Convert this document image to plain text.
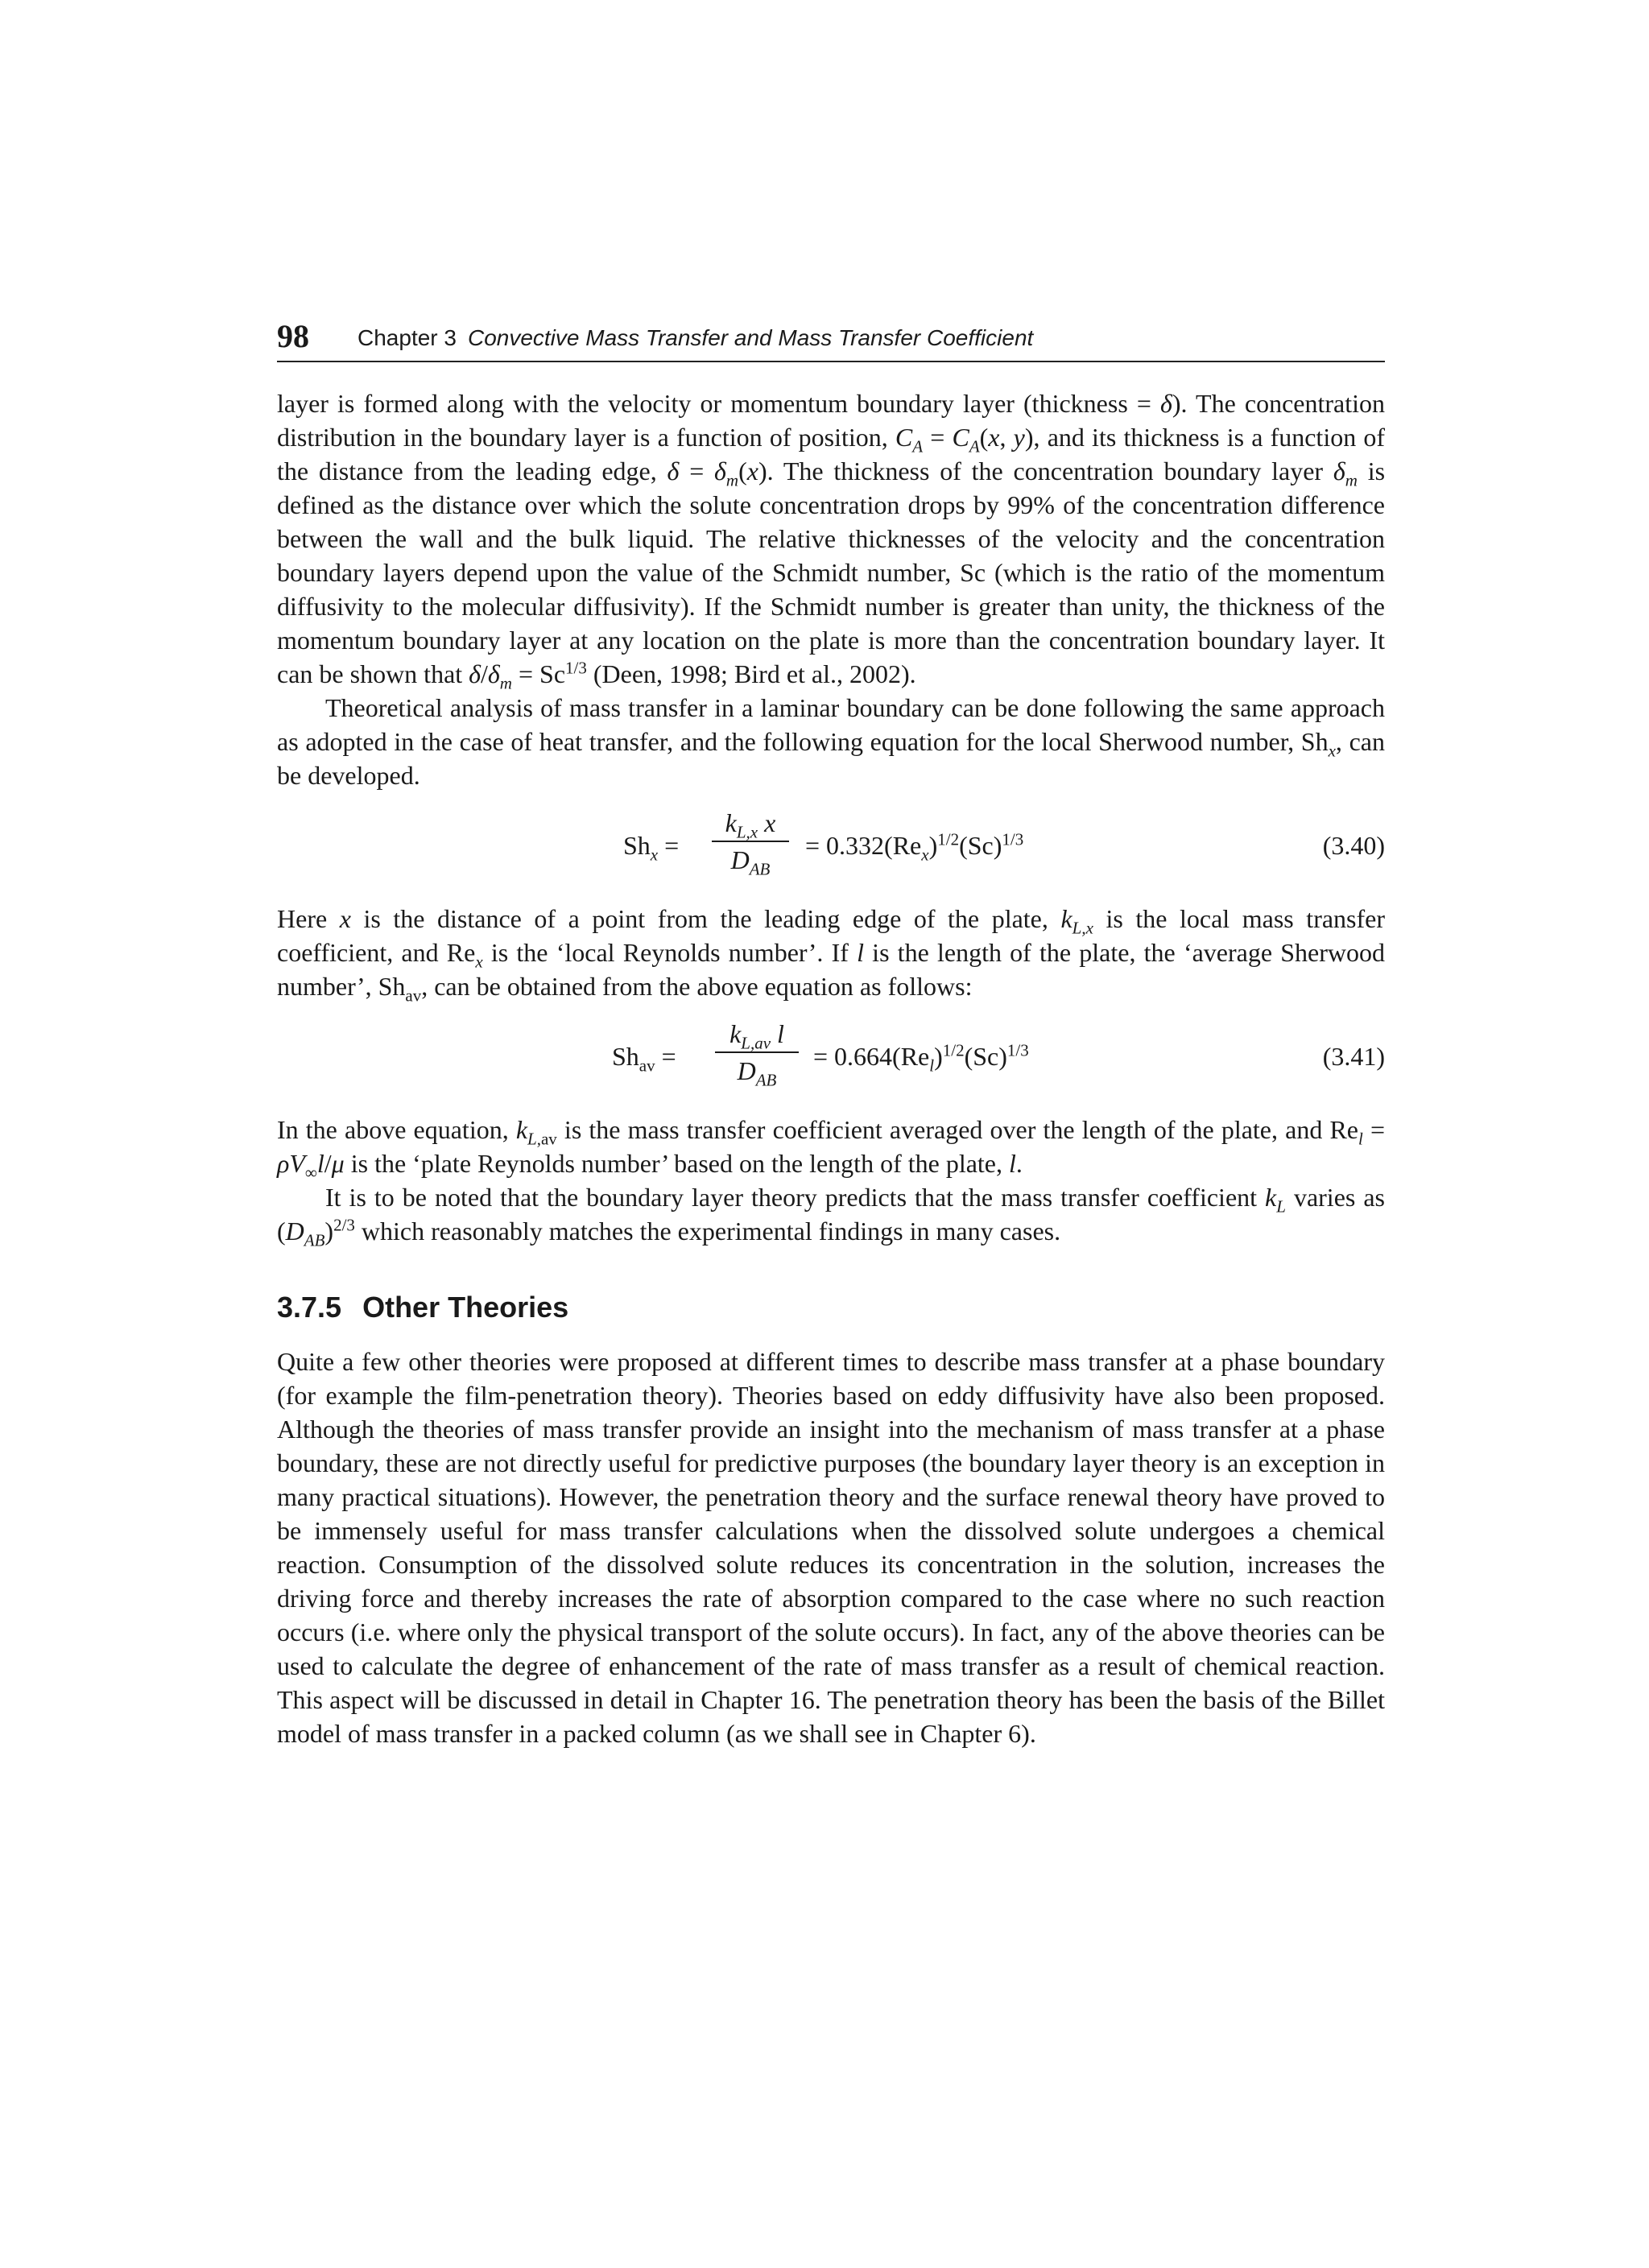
98 Chapter 3 Convective Mass Transfer and Mass Transfer Coefficient

layer is formed along with the velocity or momentum boundary layer (thickness = δ). The concentration distribution in the boundary layer is a function of position, $C_A = C_A(x$, y), and its thickness is a function of the distance from the leading edge, $\delta = \delta_m(x)$. The thickness of the concentration boundary layer $\delta_m$ is defined as the distance over which the solute concentration drops by 99% of the concentration difference between the wall and the bulk liquid. The relative thicknesses of the velocity and the concentration boundary layers depend upon the value of the Schmidt number, Sc (which is the ratio of the momentum diffusivity to the molecular diffusivity). If the Schmidt number is greater than unity, the thickness of the momentum boundary layer at any location on the plate is more than the concentration boundary layer. It can be shown that $\delta/\delta_m = Sc^{1/3}$ (Deen, 1998; Bird et al., 2002).

Theoretical analysis of mass transfer in a laminar boundary can be done following the same approach as adopted in the case of heat transfer, and the following equation for the local Sherwood number, $Sh_x$, can be developed.

$Sh_x$ =
$k_{L,x}$ x
$D_{AB}$
= $0.332(Re_x)^{1/2}(Sc)^{1/3}$	(3.40)

Here x is the distance of a point from the leading edge of the plate, $k_{L,x}$ is the local mass transfer coefficient, and $Re_x$ is the ‘local Reynolds number’. If l is the length of the plate, the ‘average Sherwood number’, $Sh_{av}$, can be obtained from the above equation as follows:

$Sh_{av}$ =
$k_{L,av}$ l
$D_{AB}$
= $0.664(Re_l)^{1/2}(Sc)^{1/3}$	(3.41)

In the above equation, $k_{L,av}$ is the mass transfer coefficient averaged over the length of the plate, and $Re_l = \rho V_\infty l/\mu$ is the ‘plate Reynolds number’ based on the length of the plate, l.

It is to be noted that the boundary layer theory predicts that the mass transfer coefficient $k_L$ varies as $(D_{AB})^{2/3}$ which reasonably matches the experimental findings in many cases.

3.7.5 Other Theories

Quite a few other theories were proposed at different times to describe mass transfer at a phase boundary (for example the film-penetration theory). Theories based on eddy diffusivity have also been proposed. Although the theories of mass transfer provide an insight into the mechanism of mass transfer at a phase boundary, these are not directly useful for predictive purposes (the boundary layer theory is an exception in many practical situations). However, the penetration theory and the surface renewal theory have proved to be immensely useful for mass transfer calculations when the dissolved solute undergoes a chemical reaction. Consumption of the dissolved solute reduces its concentration in the solution, increases the driving force and thereby increases the rate of absorption compared to the case where no such reaction occurs (i.e. where only the physical transport of the solute occurs). In fact, any of the above theories can be used to calculate the degree of enhancement of the rate of mass transfer as a result of chemical reaction. This aspect will be discussed in detail in Chapter 16. The penetration theory has been the basis of the Billet model of mass transfer in a packed column (as we shall see in Chapter 6).
